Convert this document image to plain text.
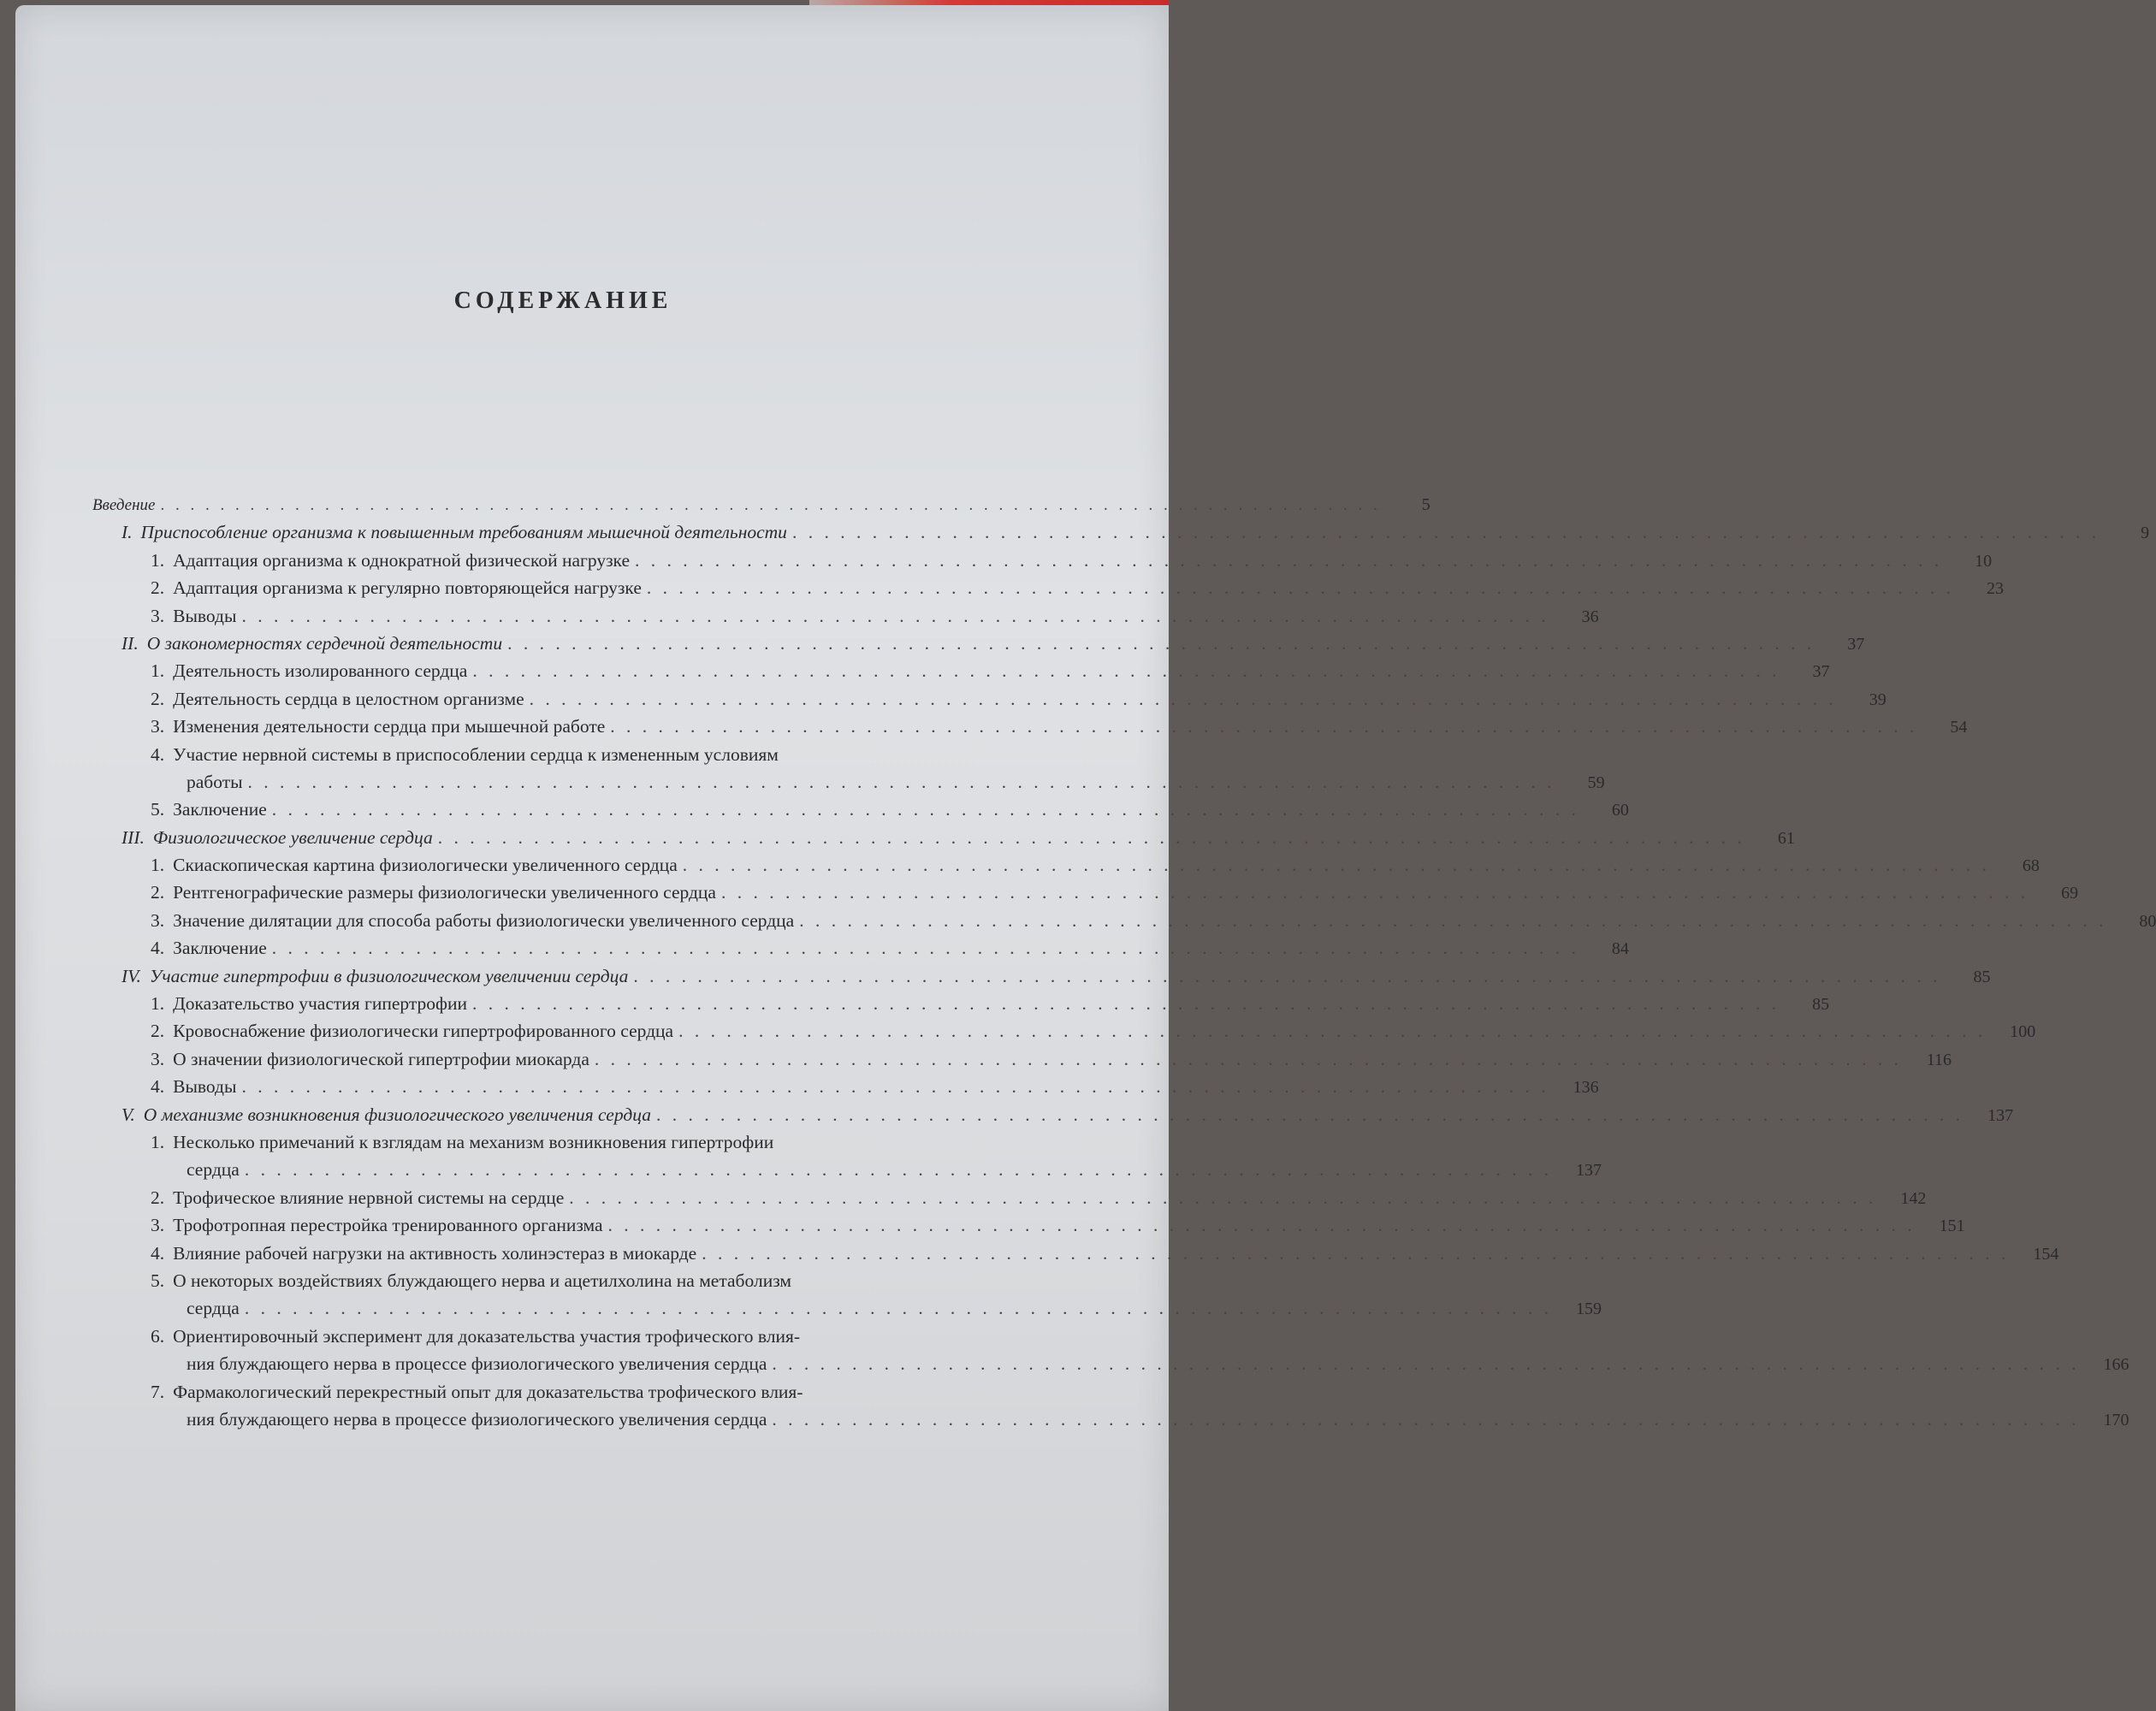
СОДЕРЖАНИЕ
Введение . . .	5
I. Приспособление организма к повышенным требованиям мышечной деятельности . . .	9
1. Адаптация организма к однократной физической нагрузке . . .	10
2. Адаптация организма к регулярно повторяющейся нагрузке . . .	23
3. Выводы . . .	36
II. О закономерностях сердечной деятельности . . .	37
1. Деятельность изолированного сердца . . .	37
2. Деятельность сердца в целостном организме . . .	39
3. Изменения деятельности сердца при мышечной работе . . .	54
4. Участие нервной системы в приспособлении сердца к измененным условиям
работы . . .	59
5. Заключение . . .	60
III. Физиологическое увеличение сердца . . .	61
1. Скиаскопическая картина физиологически увеличенного сердца . . .	68
2. Рентгенографические размеры физиологически увеличенного сердца . . .	69
3. Значение дилятации для способа работы физиологически увеличенного сердца . . .	80
4. Заключение . . .	84
IV. Участие гипертрофии в физиологическом увеличении сердца . . .	85
1. Доказательство участия гипертрофии . . .	85
2. Кровоснабжение физиологически гипертрофированного сердца . . .	100
3. О значении физиологической гипертрофии миокарда . . .	116
4. Выводы . . .	136
V. О механизме возникновения физиологического увеличения сердца . . .	137
1. Несколько примечаний к взглядам на механизм возникновения гипертрофии
сердца . . .	137
2. Трофическое влияние нервной системы на сердце . . .	142
3. Трофотропная перестройка тренированного организма . . .	151
4. Влияние рабочей нагрузки на активность холинэстераз в миокарде . . .	154
5. О некоторых воздействиях блуждающего нерва и ацетилхолина на метаболизм
сердца . . .	159
6. Ориентировочный эксперимент для доказательства участия трофического влия-
ния блуждающего нерва в процессе физиологического увеличения сердца . . .	166
7. Фармакологический перекрестный опыт для доказательства трофического влия-
ния блуждающего нерва в процессе физиологического увеличения сердца . . .	170
